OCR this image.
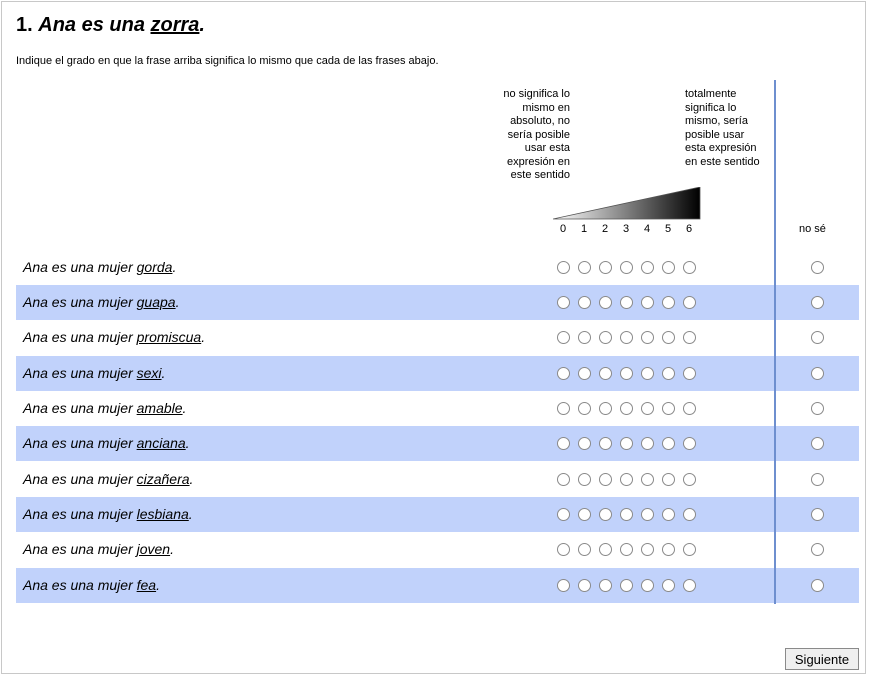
1. Ana es una zorra.
Indique el grado en que la frase arriba significa lo mismo que cada de las frases abajo.
no significa lo
mismo en
absoluto, no
sería posible
usar esta
expresión en
este sentido
totalmente
significa lo
mismo, sería
posible usar
esta expresión
en este sentido
0	1	2	3	4	5	6	no sé
Ana es una mujer gorda.
Ana es una mujer guapa.
Ana es una mujer promiscua.
Ana es una mujer sexi.
Ana es una mujer amable.
Ana es una mujer anciana.
Ana es una mujer cizañera.
Ana es una mujer lesbiana.
Ana es una mujer joven.
Ana es una mujer fea.
Siguiente
